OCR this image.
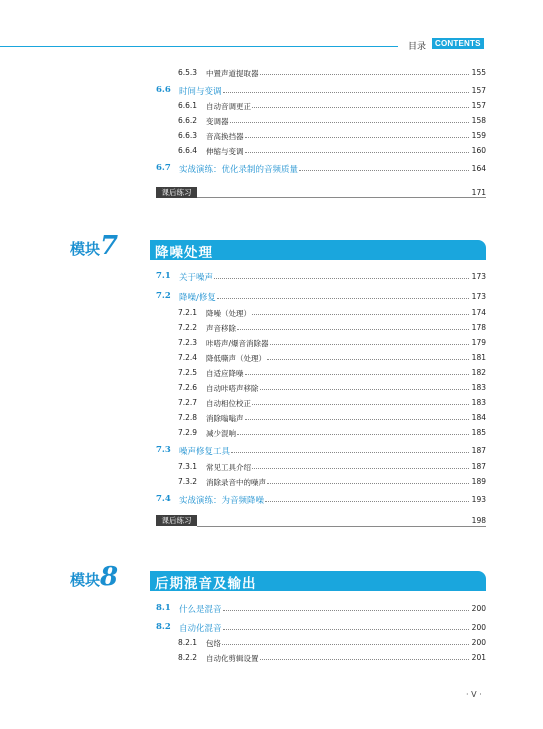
目录	CONTENTS
6.5.3 中置声道提取器	155
6.6 时间与变调	157
6.6.1 自动音调更正	157
6.6.2 变调器	158
6.6.3 音高换挡器	159
6.6.4 伸缩与变调	160
6.7 实战演练：优化录制的音频质量	164
课后练习	171
模块7	降噪处理
7.1 关于噪声	173
7.2 降噪/修复	173
7.2.1 降噪（处理）	174
7.2.2 声音移除	178
7.2.3 咔嗒声/爆音消除器	179
7.2.4 降低嘶声（处理）	181
7.2.5 自适应降噪	182
7.2.6 自动咔嗒声移除	183
7.2.7 自动相位校正	183
7.2.8 消除嗡嗡声	184
7.2.9 减少混响	185
7.3 噪声修复工具	187
7.3.1 常见工具介绍	187
7.3.2 消除录音中的噪声	189
7.4 实战演练：为音频降噪	193
课后练习	198
模块8	后期混音及输出
8.1 什么是混音	200
8.2 自动化混音	200
8.2.1 包络	200
8.2.2 自动化剪辑设置	201
· V ·
